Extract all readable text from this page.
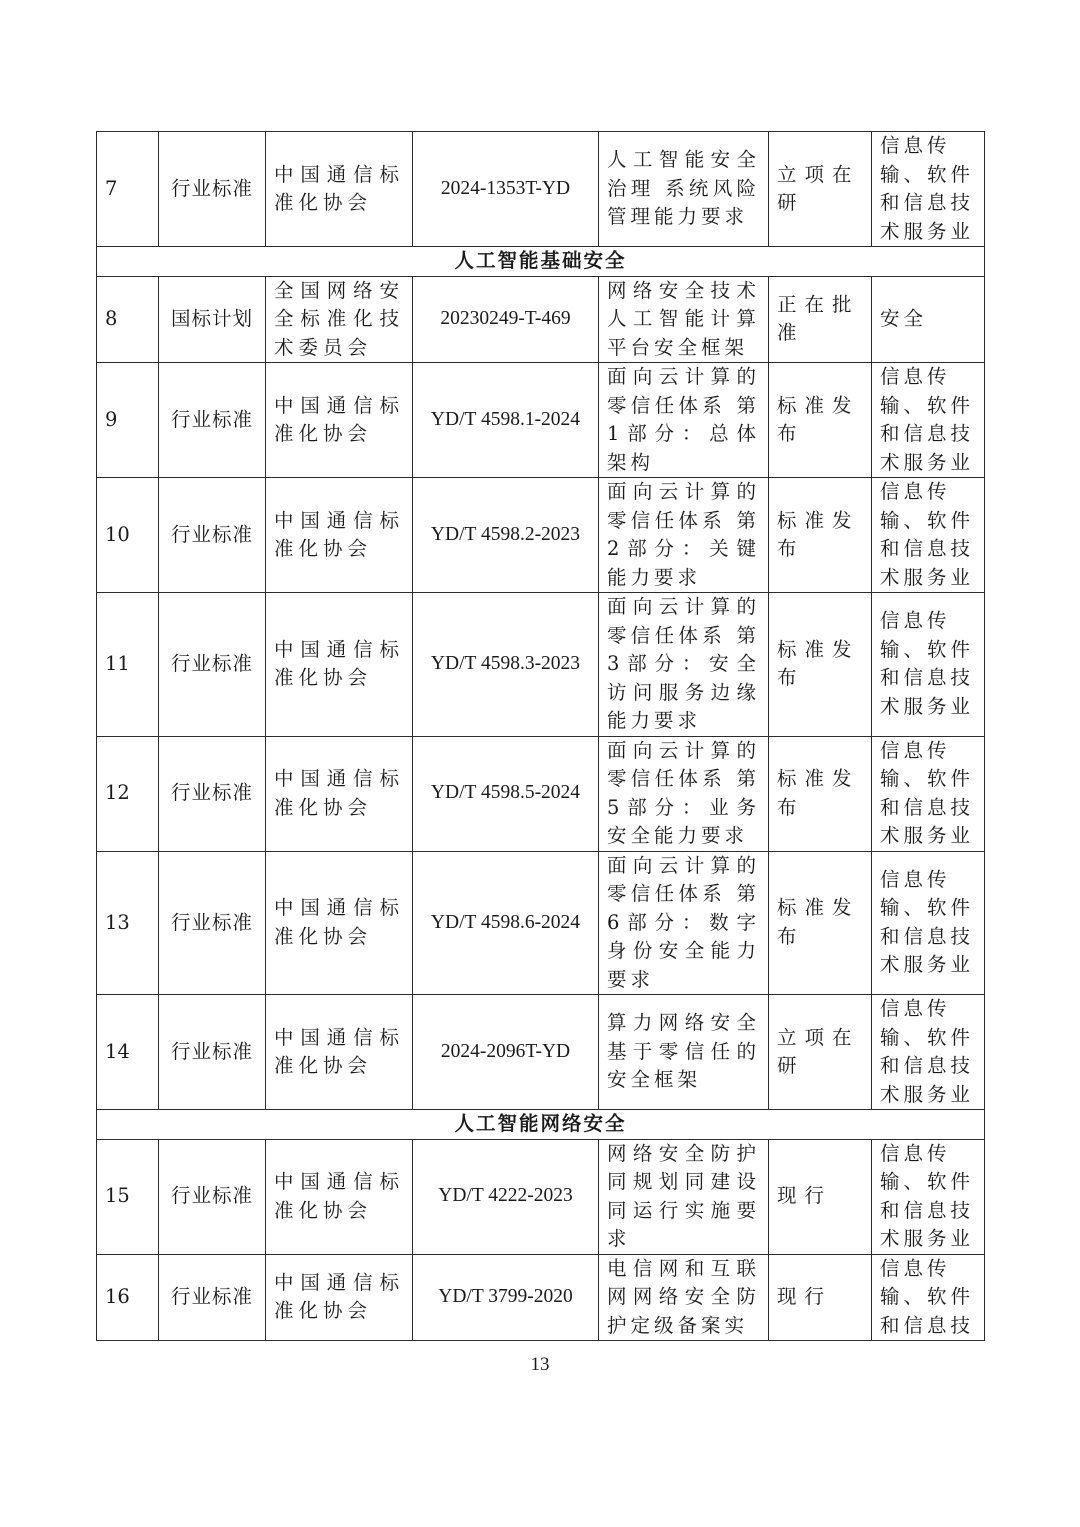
7	行业标准	中国通信标准化协会	2024-1353T-YD	人工智能安全治理 系统风险管理能力要求	立项在研	信息传输、软件和信息技术服务业
人工智能基础安全						
8	国标计划	全国网络安全标准化技术委员会	20230249-T-469	网络安全技术 人工智能计算平台安全框架	正在批准	安全
9	行业标准	中国通信标准化协会	YD/T 4598.1-2024	面向云计算的零信任体系 第1部分：总体架构	标准发布	信息传输、软件和信息技术服务业
10	行业标准	中国通信标准化协会	YD/T 4598.2-2023	面向云计算的零信任体系 第2部分：关键能力要求	标准发布	信息传输、软件和信息技术服务业
11	行业标准	中国通信标准化协会	YD/T 4598.3-2023	面向云计算的零信任体系 第3部分：安全访问服务边缘能力要求	标准发布	信息传输、软件和信息技术服务业
12	行业标准	中国通信标准化协会	YD/T 4598.5-2024	面向云计算的零信任体系 第5部分：业务安全能力要求	标准发布	信息传输、软件和信息技术服务业
13	行业标准	中国通信标准化协会	YD/T 4598.6-2024	面向云计算的零信任体系 第6部分：数字身份安全能力要求	标准发布	信息传输、软件和信息技术服务业
14	行业标准	中国通信标准化协会	2024-2096T-YD	算力网络安全基于零信任的安全框架	立项在研	信息传输、软件和信息技术服务业
人工智能网络安全						
15	行业标准	中国通信标准化协会	YD/T 4222-2023	网络安全防护同规划同建设同运行实施要求	现行	信息传输、软件和信息技术服务业
16	行业标准	中国通信标准化协会	YD/T 3799-2020	电信网和互联网网络安全防护定级备案实	现行	信息传输、软件和信息技
13
